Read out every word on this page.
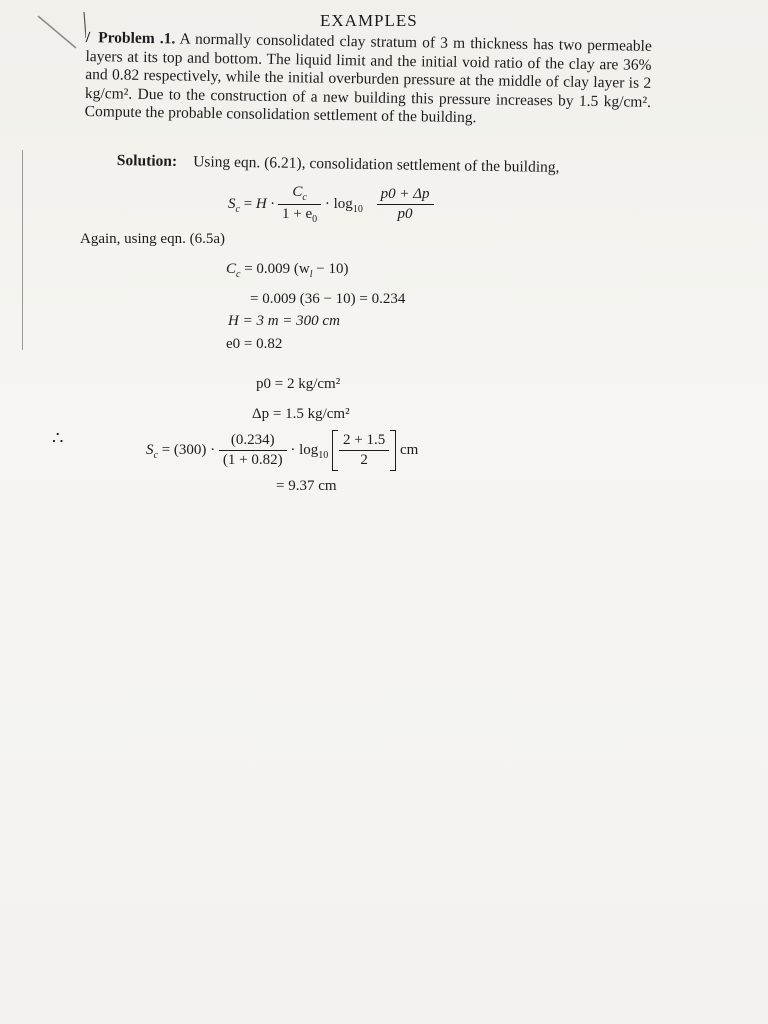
EXAMPLES
/ Problem .1. A normally consolidated clay stratum of 3 m thickness has two permeable layers at its top and bottom. The liquid limit and the initial void ratio of the clay are 36% and 0.82 respectively, while the initial overburden pressure at the middle of clay layer is 2 kg/cm². Due to the construction of a new building this pressure increases by 1.5 kg/cm². Compute the probable consolidation settlement of the building.
Solution: Using eqn. (6.21), consolidation settlement of the building,
$S_c = H \cdot \frac{C_c}{1 + e_0} \cdot \log_{10} \frac{p0 + \Delta p}{p0}$
Again, using eqn. (6.5a)
$C_c = 0.009$ $(w_l - 10)$
= 0.009 (36 − 10) = 0.234
H = 3 m = 300 cm
e0 = 0.82
p0 = 2 kg/cm²
Δp = 1.5 kg/cm²
∴
$S_c = (300) \cdot \frac{(0.234)}{(1 + 0.82)} \cdot \log_{10} \frac{2 + 1.5}{2}$ cm
= 9.37 cm
